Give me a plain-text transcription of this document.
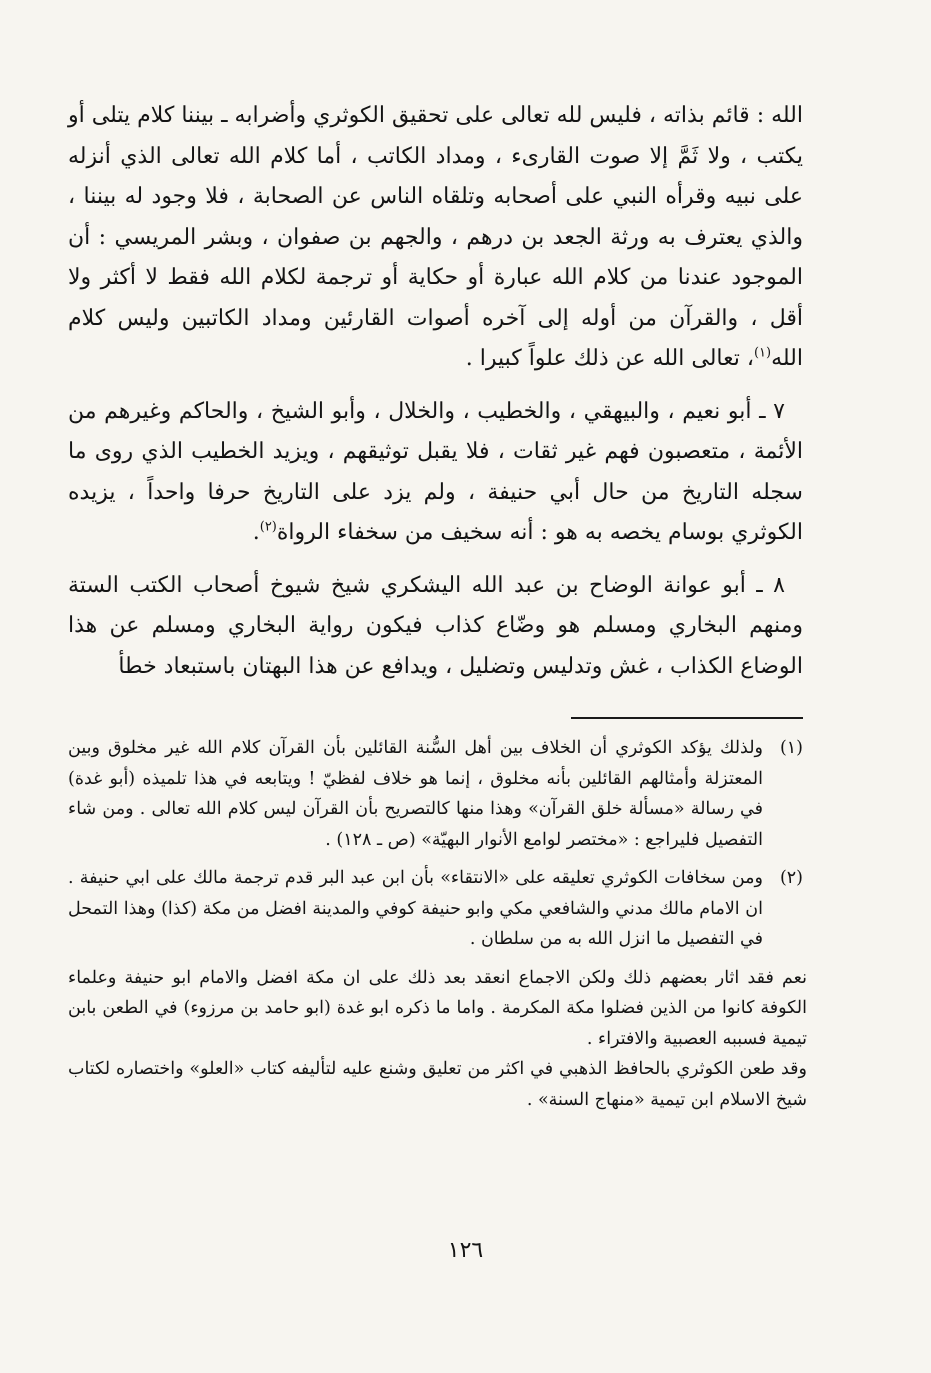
الله : قائم بذاته ، فليس لله تعالى على تحقيق الكوثري وأضرابه ـ بيننا كلام يتلى أو يكتب ، ولا ثَمَّ إلا صوت القارىء ، ومداد الكاتب ، أما كلام الله تعالى الذي أنزله على نبيه وقرأه النبي على أصحابه وتلقاه الناس عن الصحابة ، فلا وجود له بيننا ، والذي يعترف به ورثة الجعد بن درهم ، والجهم بن صفوان ، وبشر المريسي : أن الموجود عندنا من كلام الله عبارة أو حكاية أو ترجمة لكلام الله فقط لا أكثر ولا أقل ، والقرآن من أوله إلى آخره أصوات القارئين ومداد الكاتبين وليس كلام الله$^{(١)}$، تعالى الله عن ذلك علواً كبيرا .

٧ ـ أبو نعيم ، والبيهقي ، والخطيب ، والخلال ، وأبو الشيخ ، والحاكم وغيرهم من الأئمة ، متعصبون فهم غير ثقات ، فلا يقبل توثيقهم ، ويزيد الخطيب الذي روى ما سجله التاريخ من حال أبي حنيفة ، ولم يزد على التاريخ حرفا واحداً ، يزيده الكوثري بوسام يخصه به هو : أنه سخيف من سخفاء الرواة$^{(٢)}$.

٨ ـ أبو عوانة الوضاح بن عبد الله اليشكري شيخ شيوخ أصحاب الكتب الستة ومنهم البخاري ومسلم هو وضّاع كذاب فيكون رواية البخاري ومسلم عن هذا الوضاع الكذاب ، غش وتدليس وتضليل ، ويدافع عن هذا البهتان باستبعاد خطأ

(١)

ولذلك يؤكد الكوثري أن الخلاف بين أهل السُّنة القائلين بأن القرآن كلام الله غير مخلوق وبين المعتزلة وأمثالهم القائلين بأنه مخلوق ، إنما هو خلاف لفظيّ ! ويتابعه في هذا تلميذه (أبو غدة) في رسالة «مسألة خلق القرآن» وهذا منها كالتصريح بأن القرآن ليس كلام الله تعالى . ومن شاء التفصيل فليراجع : «مختصر لوامع الأنوار البهيّة» (ص ـ ١٢٨) .

(٢)

ومن سخافات الكوثري تعليقه على «الانتقاء» بأن ابن عبد البر قدم ترجمة مالك على ابي حنيفة . ان الامام مالك مدني والشافعي مكي وابو حنيفة كوفي والمدينة افضل من مكة (كذا) وهذا التمحل في التفصيل ما انزل الله به من سلطان .

نعم فقد اثار بعضهم ذلك ولكن الاجماع انعقد بعد ذلك على ان مكة افضل والامام ابو حنيفة وعلماء الكوفة كانوا من الذين فضلوا مكة المكرمة . واما ما ذكره ابو غدة (ابو حامد بن مرزوء) في الطعن بابن تيمية فسببه العصبية والافتراء .

وقد طعن الكوثري بالحافظ الذهبي في اكثر من تعليق وشنع عليه لتأليفه كتاب «العلو» واختصاره لكتاب شيخ الاسلام ابن تيمية «منهاج السنة» .

١٢٦
